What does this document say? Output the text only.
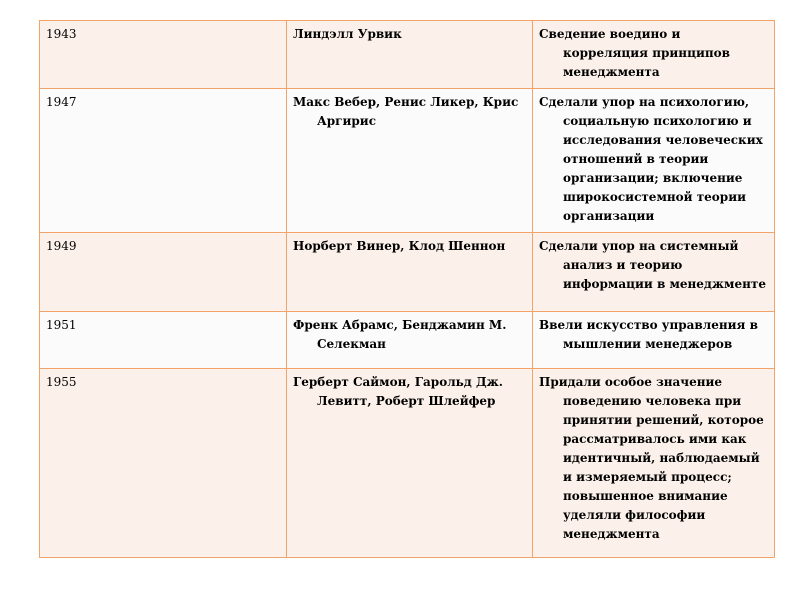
1943	Линдэлл Урвик	Сведение воедино и корреляция принципов менеджмента

1947	Макс Вебер, Ренис Ликер, Крис Аргирис	Сделали упор на психологию, социальную психологию и исследования человеческих отношений в теории организации; включение широкосистемной теории организации

1949	Норберт Винер, Клод Шеннон	Сделали упор на системный анализ и теорию информации в менеджменте

1951	Френк Абрамс, Бенджамин М. Селекман	Ввели искусство управления в мышлении менеджеров

1955	Герберт Саймон, Гарольд Дж. Левитт, Роберт Шлейфер	Придали особое значение поведению человека при принятии решений, которое рассматривалось ими как идентичный, наблюдаемый и измеряемый процесс; повышенное внимание уделяли философии менеджмента
